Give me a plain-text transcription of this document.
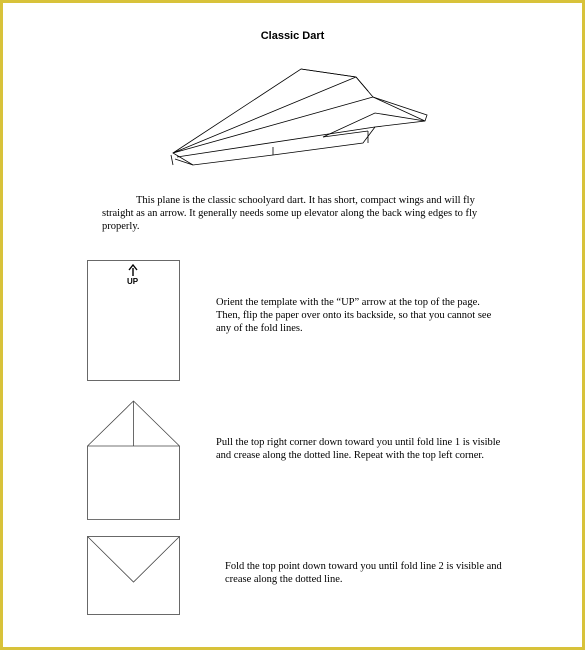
Classic Dart
This plane is the classic schoolyard dart. It has short, compact wings and will fly straight as an arrow. It generally needs some up elevator along the back wing edges to fly properly.
UP
Orient the template with the “UP” arrow at the top of the page. Then, flip the paper over onto its backside, so that you cannot see any of the fold lines.
Pull the top right corner down toward you until fold line 1 is visible and crease along the dotted line. Repeat with the top left corner.
Fold the top point down toward you until fold line 2 is visible and crease along the dotted line.
